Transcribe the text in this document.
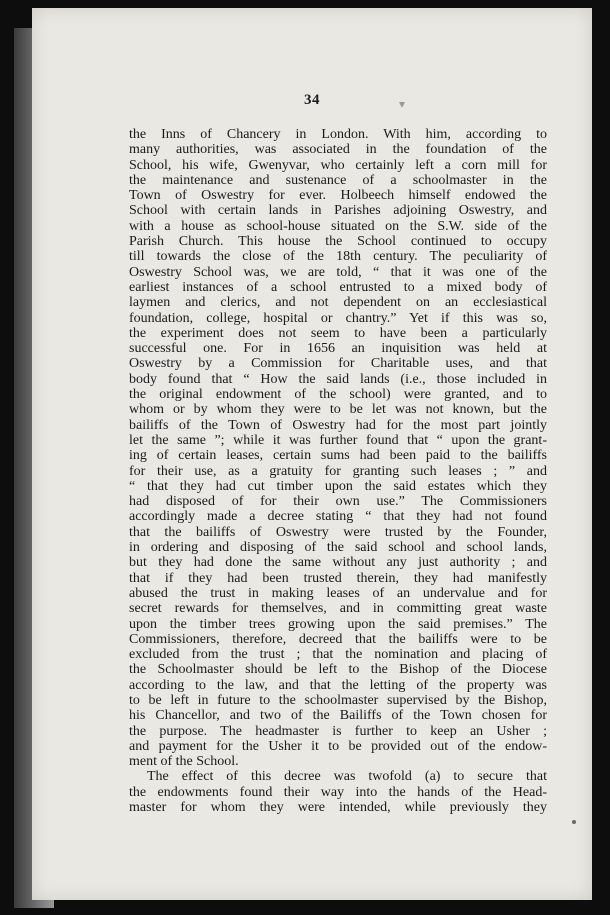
34

the Inns of Chancery in London. With him, according to
many authorities, was associated in the foundation of the
School, his wife, Gwenyvar, who certainly left a corn mill for
the maintenance and sustenance of a schoolmaster in the
Town of Oswestry for ever. Holbeech himself endowed the
School with certain lands in Parishes adjoining Oswestry, and
with a house as school-house situated on the S.W. side of the
Parish Church. This house the School continued to occupy
till towards the close of the 18th century. The peculiarity of
Oswestry School was, we are told, “ that it was one of the
earliest instances of a school entrusted to a mixed body of
laymen and clerics, and not dependent on an ecclesiastical
foundation, college, hospital or chantry.” Yet if this was so,
the experiment does not seem to have been a particularly
successful one. For in 1656 an inquisition was held at
Oswestry by a Commission for Charitable uses, and that
body found that “ How the said lands (i.e., those included in
the original endowment of the school) were granted, and to
whom or by whom they were to be let was not known, but the
bailiffs of the Town of Oswestry had for the most part jointly
let the same ”; while it was further found that “ upon the grant-
ing of certain leases, certain sums had been paid to the bailiffs
for their use, as a gratuity for granting such leases ; ” and
“ that they had cut timber upon the said estates which they
had disposed of for their own use.” The Commissioners
accordingly made a decree stating “ that they had not found
that the bailiffs of Oswestry were trusted by the Founder,
in ordering and disposing of the said school and school lands,
but they had done the same without any just authority ; and
that if they had been trusted therein, they had manifestly
abused the trust in making leases of an undervalue and for
secret rewards for themselves, and in committing great waste
upon the timber trees growing upon the said premises.” The
Commissioners, therefore, decreed that the bailiffs were to be
excluded from the trust ; that the nomination and placing of
the Schoolmaster should be left to the Bishop of the Diocese
according to the law, and that the letting of the property was
to be left in future to the schoolmaster supervised by the Bishop,
his Chancellor, and two of the Bailiffs of the Town chosen for
the purpose. The headmaster is further to keep an Usher ;
and payment for the Usher it to be provided out of the endow-
ment of the School.

The effect of this decree was twofold (a) to secure that
the endowments found their way into the hands of the Head-
master for whom they were intended, while previously they
